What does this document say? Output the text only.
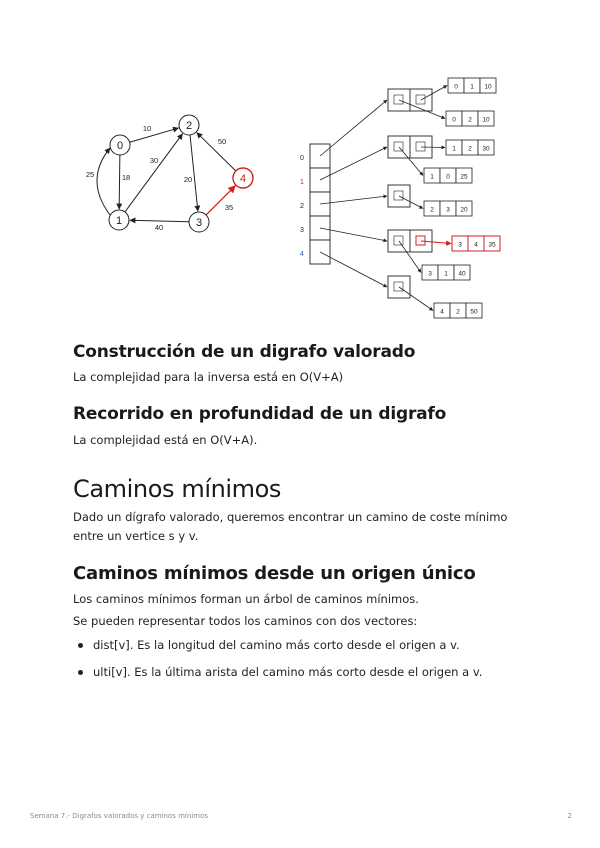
10
18
25
30
20
50
40
35
0
1
2
3
4
0
1
2
3
4
0 1 10
0 2 10
1 2 30
1 0 25
2 3 20
3 4 35
3 1 40
4 2 50
Construcción de un digrafo valorado

La complejidad para la inversa está en O(V+A)

Recorrido en profundidad de un digrafo

La complejidad está en O(V+A).

Caminos mínimos

Dado un dígrafo valorado, queremos encontrar un camino de coste mínimo

entre un vertice s y v.

Caminos mínimos desde un origen único

Los caminos mínimos forman un árbol de caminos mínimos.

Se pueden representar todos los caminos con dos vectores:

dist[v]. Es la longitud del camino más corto desde el origen a v.
ulti[v]. Es la última arista del camino más corto desde el origen a v.
Semana 7.- Digrafos valorados y caminos mínimos	2
